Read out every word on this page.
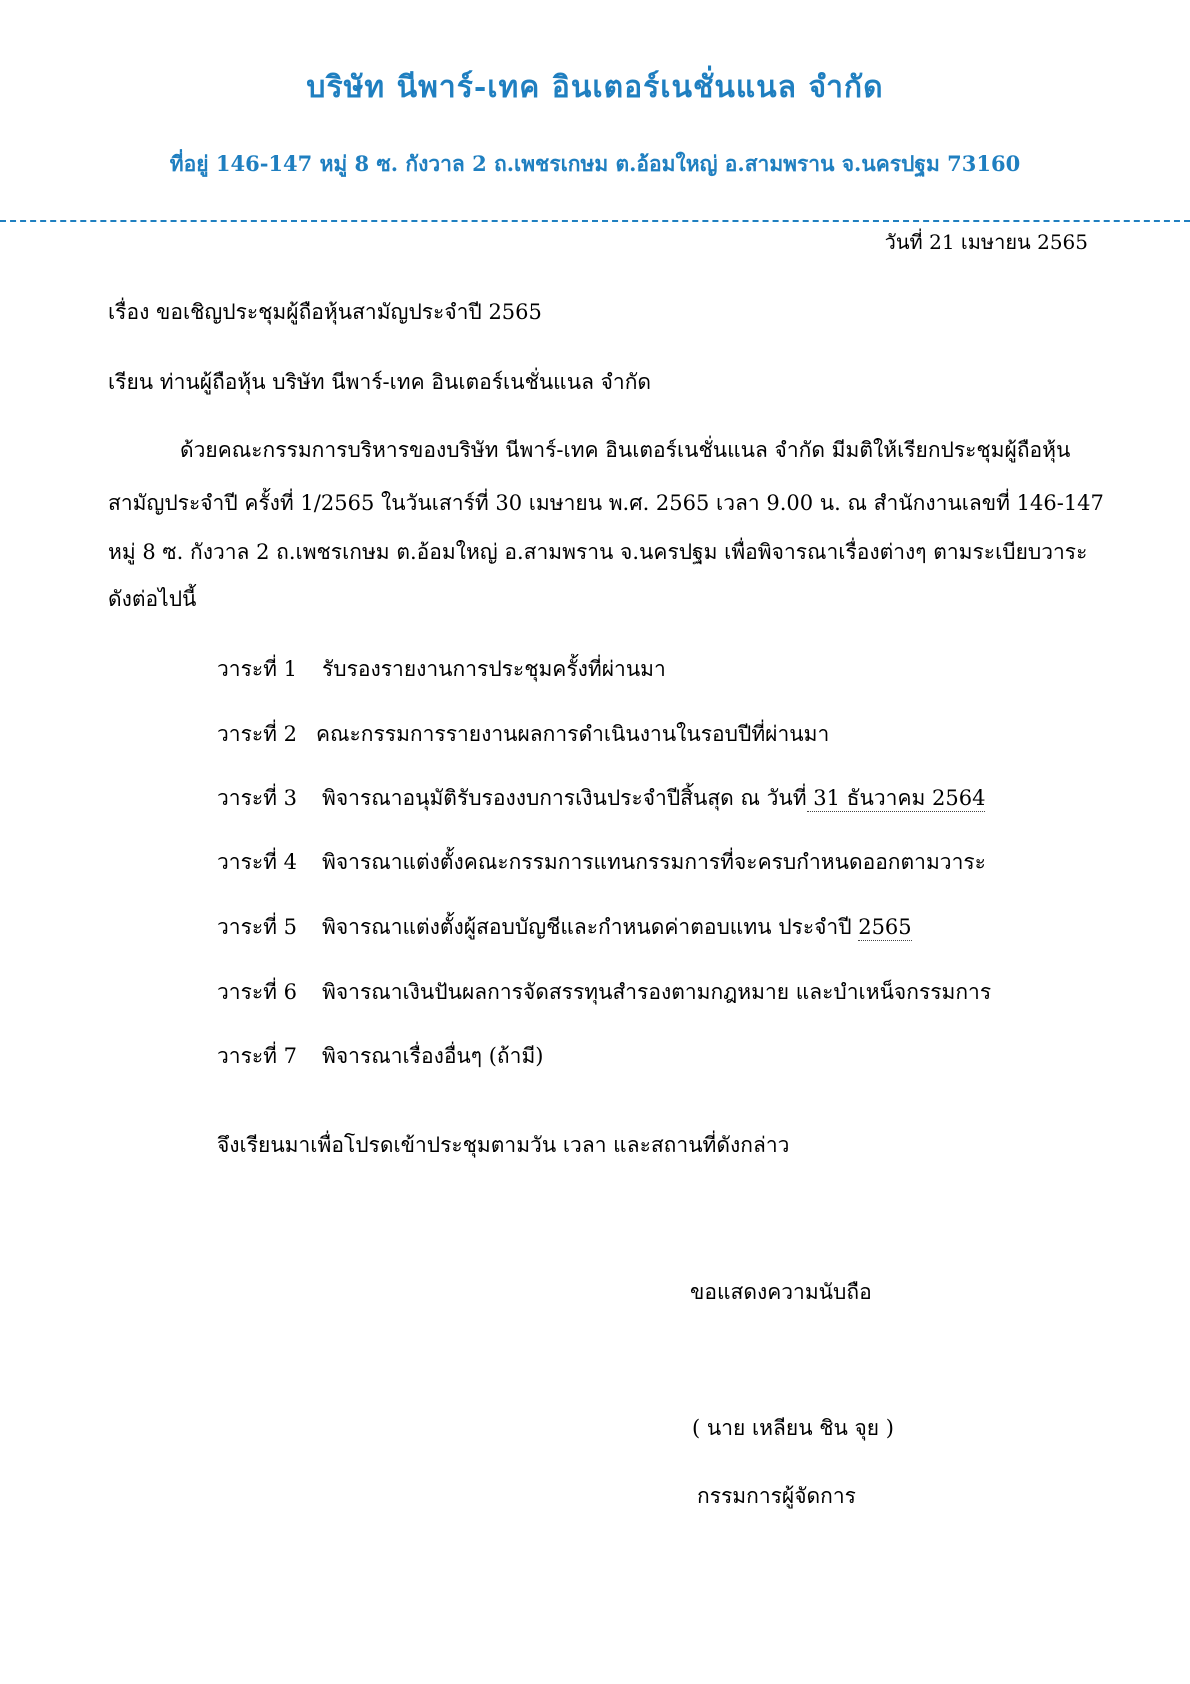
บริษัท นีพาร์-เทค อินเตอร์เนชั่นแนล จำกัด
ที่อยู่ 146-147 หมู่ 8 ซ. กังวาล 2 ถ.เพชรเกษม ต.อ้อมใหญ่ อ.สามพราน จ.นครปฐม 73160
วันที่ 21 เมษายน 2565
เรื่อง ขอเชิญประชุมผู้ถือหุ้นสามัญประจำปี 2565
เรียน ท่านผู้ถือหุ้น บริษัท นีพาร์-เทค อินเตอร์เนชั่นแนล จำกัด
ด้วยคณะกรรมการบริหารของบริษัท นีพาร์-เทค อินเตอร์เนชั่นแนล จำกัด มีมติให้เรียกประชุมผู้ถือหุ้น
สามัญประจำปี ครั้งที่ 1/2565 ในวันเสาร์ที่ 30 เมษายน พ.ศ. 2565 เวลา 9.00 น. ณ สำนักงานเลขที่ 146-147
หมู่ 8 ซ. กังวาล 2 ถ.เพชรเกษม ต.อ้อมใหญ่ อ.สามพราน จ.นครปฐม เพื่อพิจารณาเรื่องต่างๆ ตามระเบียบวาระ
ดังต่อไปนี้
วาระที่ 1 รับรองรายงานการประชุมครั้งที่ผ่านมา
วาระที่ 2 คณะกรรมการรายงานผลการดำเนินงานในรอบปีที่ผ่านมา
วาระที่ 3 พิจารณาอนุมัติรับรองงบการเงินประจำปีสิ้นสุด ณ วันที่ 31 ธันวาคม 2564
วาระที่ 4 พิจารณาแต่งตั้งคณะกรรมการแทนกรรมการที่จะครบกำหนดออกตามวาระ
วาระที่ 5 พิจารณาแต่งตั้งผู้สอบบัญชีและกำหนดค่าตอบแทน ประจำปี 2565
วาระที่ 6 พิจารณาเงินปันผลการจัดสรรทุนสำรองตามกฎหมาย และบำเหน็จกรรมการ
วาระที่ 7 พิจารณาเรื่องอื่นๆ (ถ้ามี)
จึงเรียนมาเพื่อโปรดเข้าประชุมตามวัน เวลา และสถานที่ดังกล่าว
ขอแสดงความนับถือ
( นาย เหลียน ชิน จุย )
กรรมการผู้จัดการ
